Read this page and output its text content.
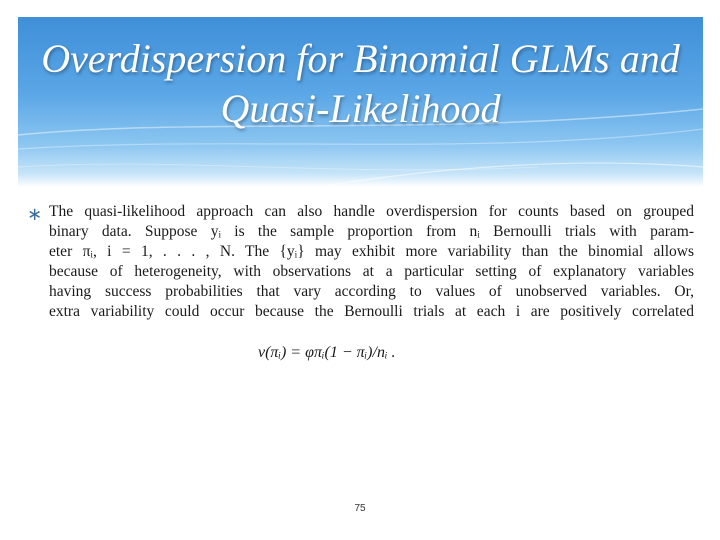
Overdispersion for Binomial GLMs and Quasi-Likelihood
∗ The quasi-likelihood approach can also handle overdispersion for counts based on grouped
binary data. Suppose yᵢ is the sample proportion from nᵢ Bernoulli trials with param-
eter πᵢ, i = 1, . . . , N. The {yᵢ} may exhibit more variability than the binomial allows
because of heterogeneity, with observations at a particular setting of explanatory variables
having success probabilities that vary according to values of unobserved variables. Or,
extra variability could occur because the Bernoulli trials at each i are positively correlated
v(πᵢ) = φπᵢ(1 − πᵢ)/nᵢ .
75
